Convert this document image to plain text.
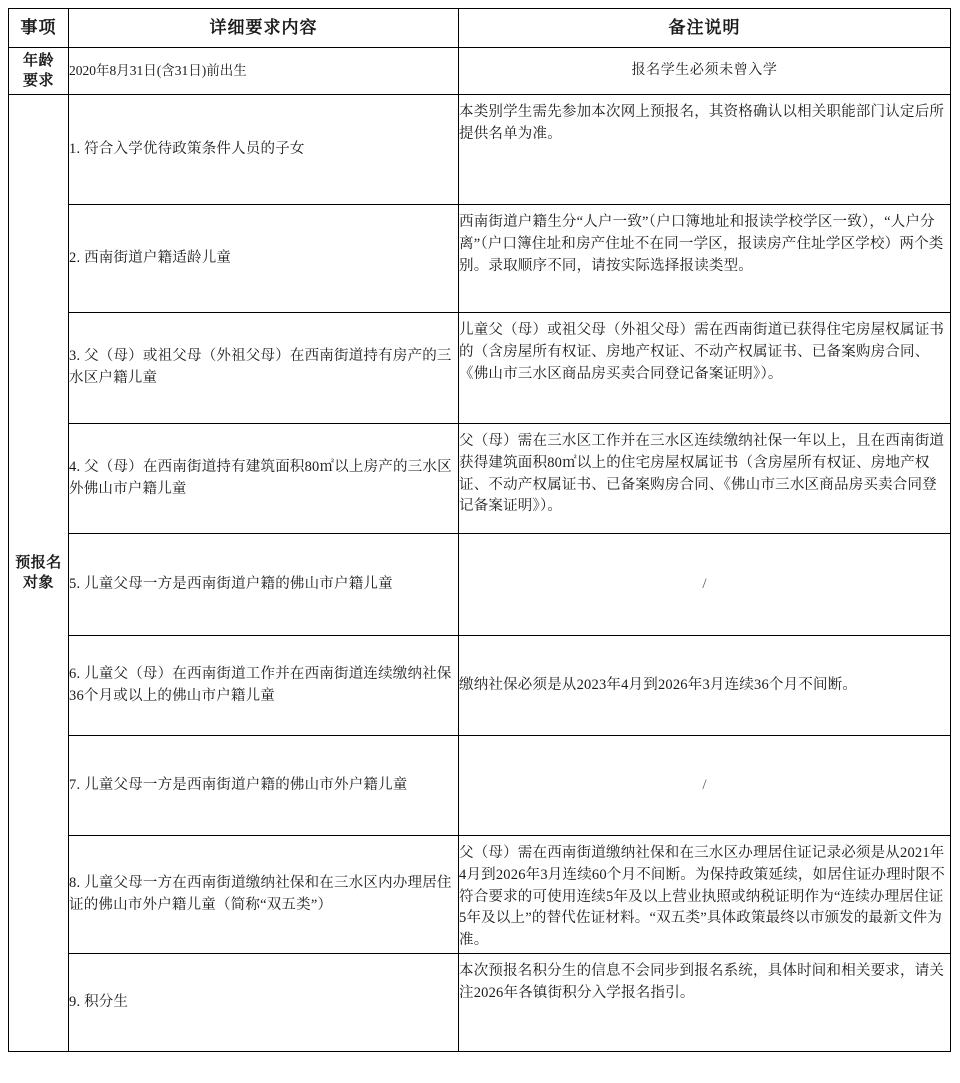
事项	详细要求内容	备注说明

年龄
要求	2020年8月31日(含31日)前出生	报名学生必须未曾入学

预报名
对象	1. 符合入学优待政策条件人员的子女	本类别学生需先参加本次网上预报名，其资格确认以相关职能部门认定后所提供名单为准。
	2. 西南街道户籍适龄儿童	西南街道户籍生分“人户一致”（户口簿地址和报读学校学区一致），“人户分离”（户口簿住址和房产住址不在同一学区，报读房产住址学区学校）两个类别。录取顺序不同，请按实际选择报读类型。
	3. 父（母）或祖父母（外祖父母）在西南街道持有房产的三水区户籍儿童	儿童父（母）或祖父母（外祖父母）需在西南街道已获得住宅房屋权属证书的（含房屋所有权证、房地产权证、不动产权属证书、已备案购房合同、《佛山市三水区商品房买卖合同登记备案证明》）。
	4. 父（母）在西南街道持有建筑面积80㎡以上房产的三水区外佛山市户籍儿童	父（母）需在三水区工作并在三水区连续缴纳社保一年以上，且在西南街道获得建筑面积80㎡以上的住宅房屋权属证书（含房屋所有权证、房地产权证、不动产权属证书、已备案购房合同、《佛山市三水区商品房买卖合同登记备案证明》）。
	5. 儿童父母一方是西南街道户籍的佛山市户籍儿童	/
	6. 儿童父（母）在西南街道工作并在西南街道连续缴纳社保36个月或以上的佛山市户籍儿童	缴纳社保必须是从2023年4月到2026年3月连续36个月不间断。
	7. 儿童父母一方是西南街道户籍的佛山市外户籍儿童	/
	8. 儿童父母一方在西南街道缴纳社保和在三水区内办理居住证的佛山市外户籍儿童（简称“双五类”）	父（母）需在西南街道缴纳社保和在三水区办理居住证记录必须是从2021年4月到2026年3月连续60个月不间断。为保持政策延续，如居住证办理时限不符合要求的可使用连续5年及以上营业执照或纳税证明作为“连续办理居住证5年及以上”的替代佐证材料。“双五类”具体政策最终以市颁发的最新文件为准。
	9. 积分生	本次预报名积分生的信息不会同步到报名系统，具体时间和相关要求，请关注2026年各镇街积分入学报名指引。
